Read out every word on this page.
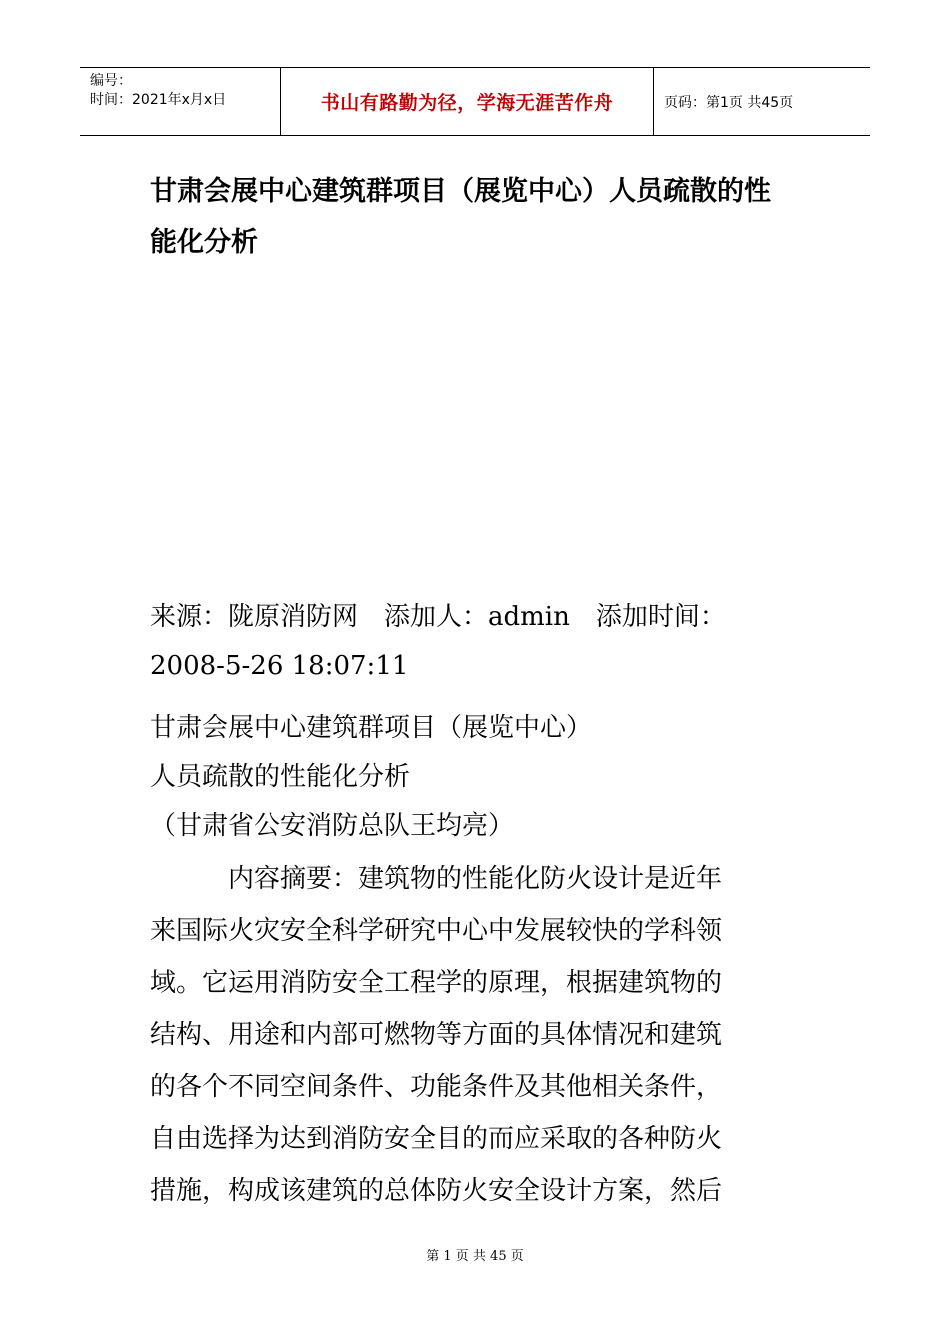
编号：
时间：2021年x月x日	书山有路勤为径，学海无涯苦作舟	页码：第1页 共45页
甘肃会展中心建筑群项目（展览中心）人员疏散的性
能化分析
来源：陇原消防网　添加人：admin　添加时间：
2008-5-26 18:07:11
甘肃会展中心建筑群项目（展览中心）
人员疏散的性能化分析
（甘肃省公安消防总队王均亮）
　　　内容摘要：建筑物的性能化防火设计是近年
来国际火灾安全科学研究中心中发展较快的学科领
域。它运用消防安全工程学的原理，根据建筑物的
结构、用途和内部可燃物等方面的具体情况和建筑
的各个不同空间条件、功能条件及其他相关条件，
自由选择为达到消防安全目的而应采取的各种防火
措施，构成该建筑的总体防火安全设计方案，然后
第 1 页 共 45 页
